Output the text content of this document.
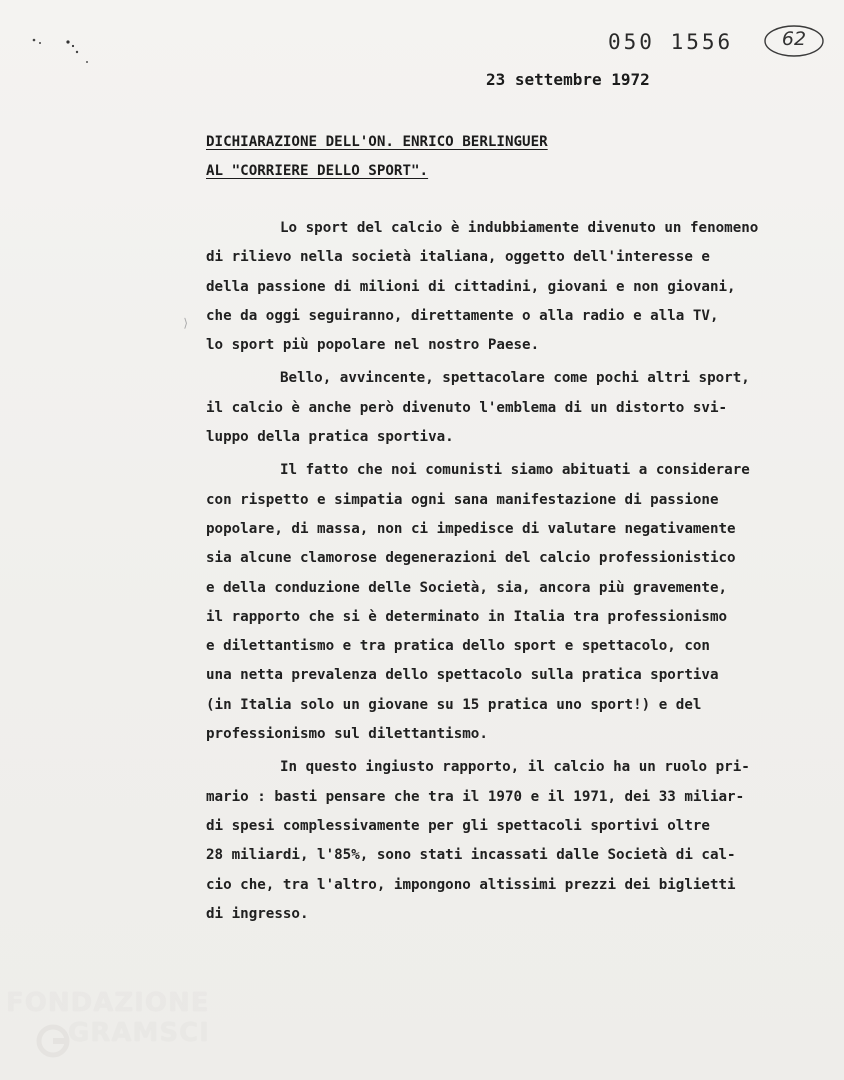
050 1556	62
23 settembre 1972
DICHIARAZIONE DELL'ON. ENRICO BERLINGUER
AL "CORRIERE DELLO SPORT".
⟩

Lo sport del calcio è indubbiamente divenuto un fenomeno
di rilievo nella società italiana, oggetto dell'interesse e
della passione di milioni di cittadini, giovani e non giovani,
che da oggi seguiranno, direttamente o alla radio e alla TV,
lo sport più popolare nel nostro Paese.

Bello, avvincente, spettacolare come pochi altri sport,
il calcio è anche però divenuto l'emblema di un distorto svi-
luppo della pratica sportiva.

Il fatto che noi comunisti siamo abituati a considerare
con rispetto e simpatia ogni sana manifestazione di passione
popolare, di massa, non ci impedisce di valutare negativamente
sia alcune clamorose degenerazioni del calcio professionistico
e della conduzione delle Società, sia, ancora più gravemente,
il rapporto che si è determinato in Italia tra professionismo
e dilettantismo e tra pratica dello sport e spettacolo, con
una netta prevalenza dello spettacolo sulla pratica sportiva
(in Italia solo un giovane su 15 pratica uno sport!) e del
professionismo sul dilettantismo.

In questo ingiusto rapporto, il calcio ha un ruolo pri-
mario : basti pensare che tra il 1970 e il 1971, dei 33 miliar-
di spesi complessivamente per gli spettacoli sportivi oltre
28 miliardi, l'85%, sono stati incassati dalle Società di cal-
cio che, tra l'altro, impongono altissimi prezzi dei biglietti
di ingresso.

FONDAZIONE
GRAMSCI
